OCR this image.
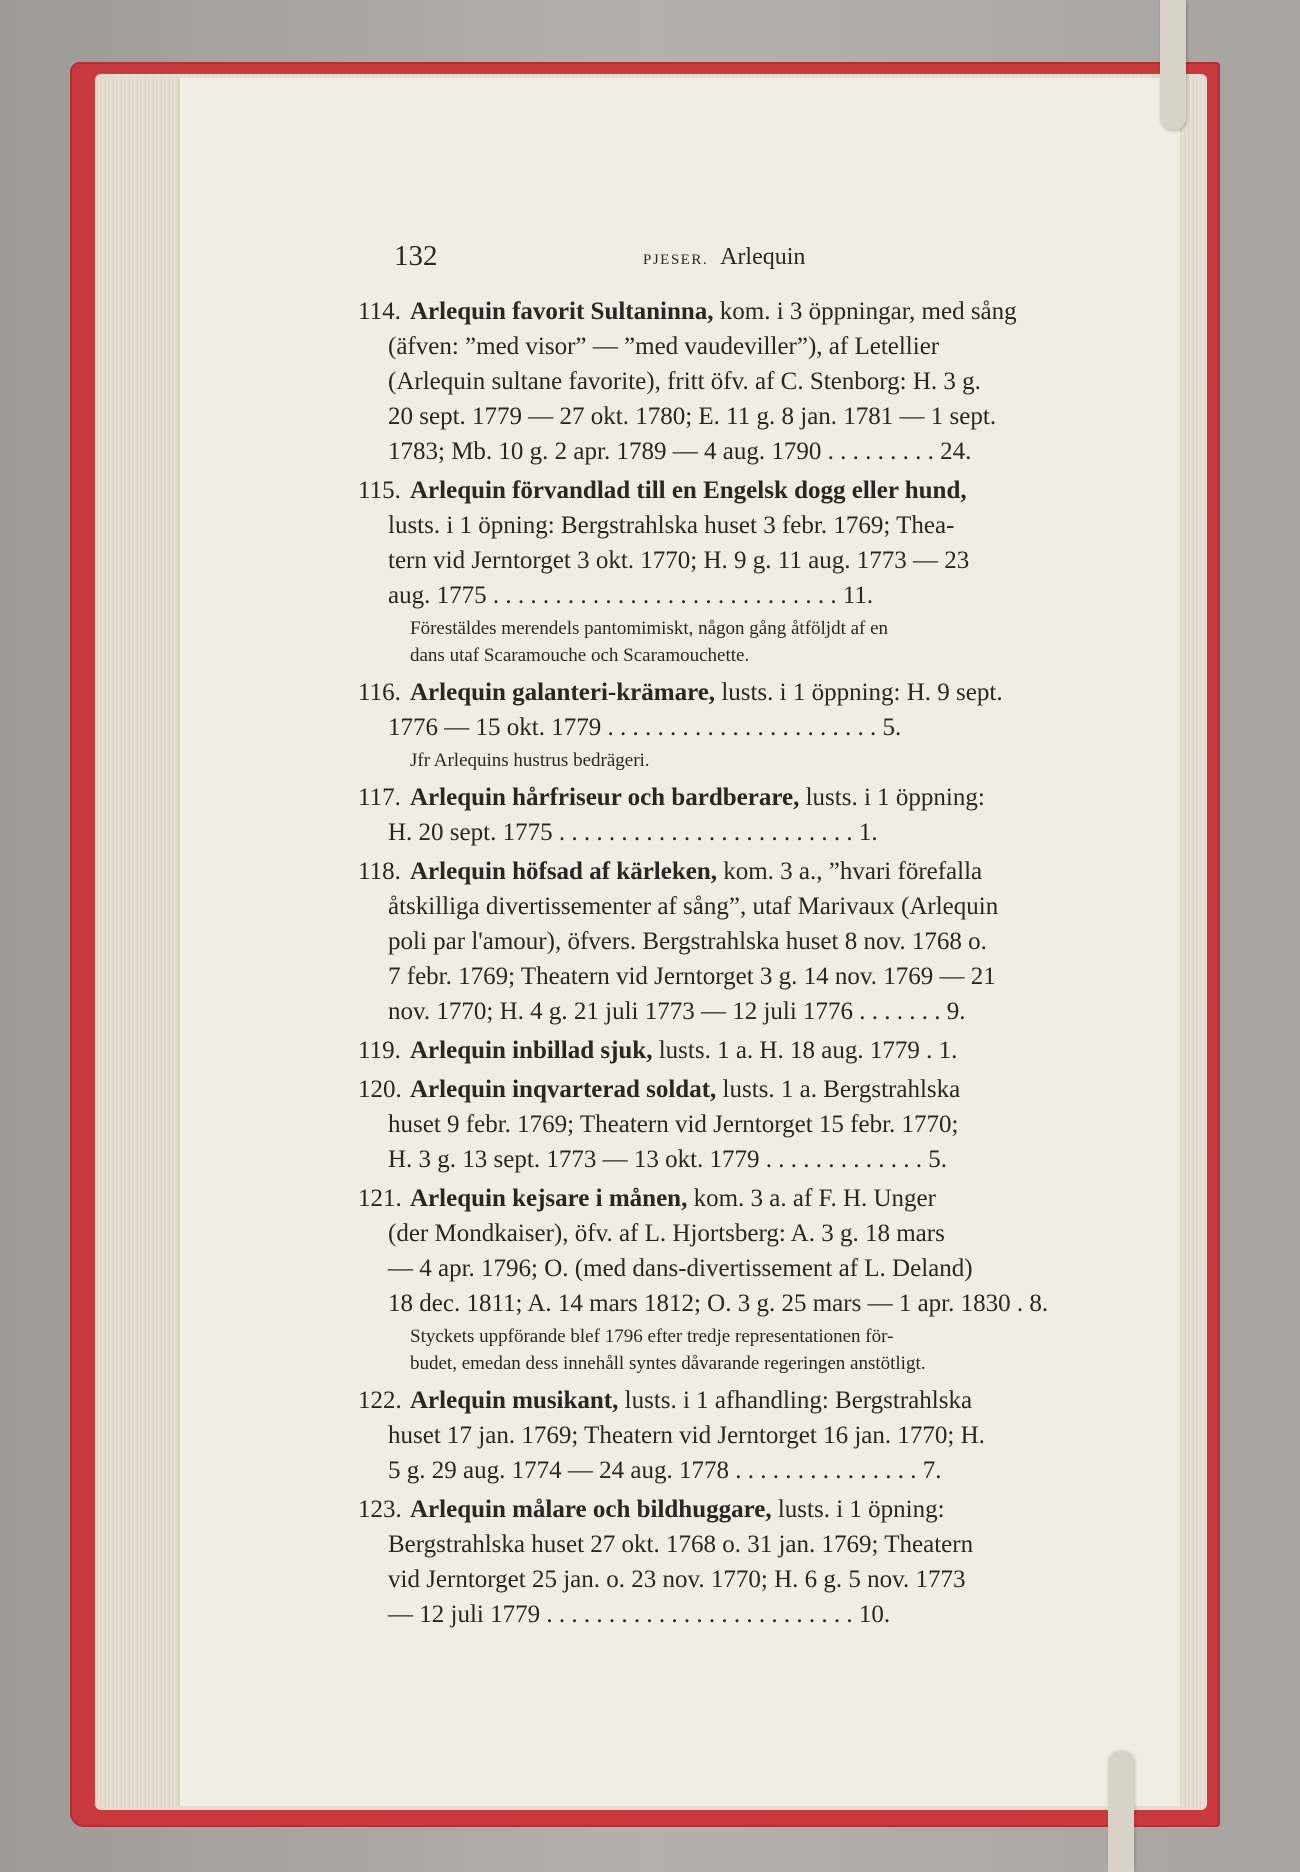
132	PJESER. Arlequin
114. Arlequin favorit Sultaninna, kom. i 3 öppningar, med sång
(äfven: ”med visor” — ”med vaudeviller”), af Letellier
(Arlequin sultane favorite), fritt öfv. af C. Stenborg: H. 3 g.
20 sept. 1779 — 27 okt. 1780; E. 11 g. 8 jan. 1781 — 1 sept.
1783; Mb. 10 g. 2 apr. 1789 — 4 aug. 1790 . . . . . . . . . 24.
115. Arlequin förvandlad till en Engelsk dogg eller hund,
lusts. i 1 öpning: Bergstrahlska huset 3 febr. 1769; Thea-
tern vid Jerntorget 3 okt. 1770; H. 9 g. 11 aug. 1773 — 23
aug. 1775 . . . . . . . . . . . . . . . . . . . . . . . . . . . . 11.
Förestäldes merendels pantomimiskt, någon gång åtföljdt af en
dans utaf Scaramouche och Scaramouchette.
116. Arlequin galanteri-krämare, lusts. i 1 öppning: H. 9 sept.
1776 — 15 okt. 1779 . . . . . . . . . . . . . . . . . . . . . . 5.
Jfr Arlequins hustrus bedrägeri.
117. Arlequin hårfriseur och bardberare, lusts. i 1 öppning:
H. 20 sept. 1775 . . . . . . . . . . . . . . . . . . . . . . . . 1.
118. Arlequin höfsad af kärleken, kom. 3 a., ”hvari förefalla
åtskilliga divertissementer af sång”, utaf Marivaux (Arlequin
poli par l'amour), öfvers. Bergstrahlska huset 8 nov. 1768 o.
7 febr. 1769; Theatern vid Jerntorget 3 g. 14 nov. 1769 — 21
nov. 1770; H. 4 g. 21 juli 1773 — 12 juli 1776 . . . . . . . 9.
119. Arlequin inbillad sjuk, lusts. 1 a. H. 18 aug. 1779 . 1.
120. Arlequin inqvarterad soldat, lusts. 1 a. Bergstrahlska
huset 9 febr. 1769; Theatern vid Jerntorget 15 febr. 1770;
H. 3 g. 13 sept. 1773 — 13 okt. 1779 . . . . . . . . . . . . . 5.
121. Arlequin kejsare i månen, kom. 3 a. af F. H. Unger
(der Mondkaiser), öfv. af L. Hjortsberg: A. 3 g. 18 mars
— 4 apr. 1796; O. (med dans-divertissement af L. Deland)
18 dec. 1811; A. 14 mars 1812; O. 3 g. 25 mars — 1 apr. 1830 . 8.
Styckets uppförande blef 1796 efter tredje representationen för-
budet, emedan dess innehåll syntes dåvarande regeringen anstötligt.
122. Arlequin musikant, lusts. i 1 afhandling: Bergstrahlska
huset 17 jan. 1769; Theatern vid Jerntorget 16 jan. 1770; H.
5 g. 29 aug. 1774 — 24 aug. 1778 . . . . . . . . . . . . . . . 7.
123. Arlequin målare och bildhuggare, lusts. i 1 öpning:
Bergstrahlska huset 27 okt. 1768 o. 31 jan. 1769; Theatern
vid Jerntorget 25 jan. o. 23 nov. 1770; H. 6 g. 5 nov. 1773
— 12 juli 1779 . . . . . . . . . . . . . . . . . . . . . . . . . 10.
